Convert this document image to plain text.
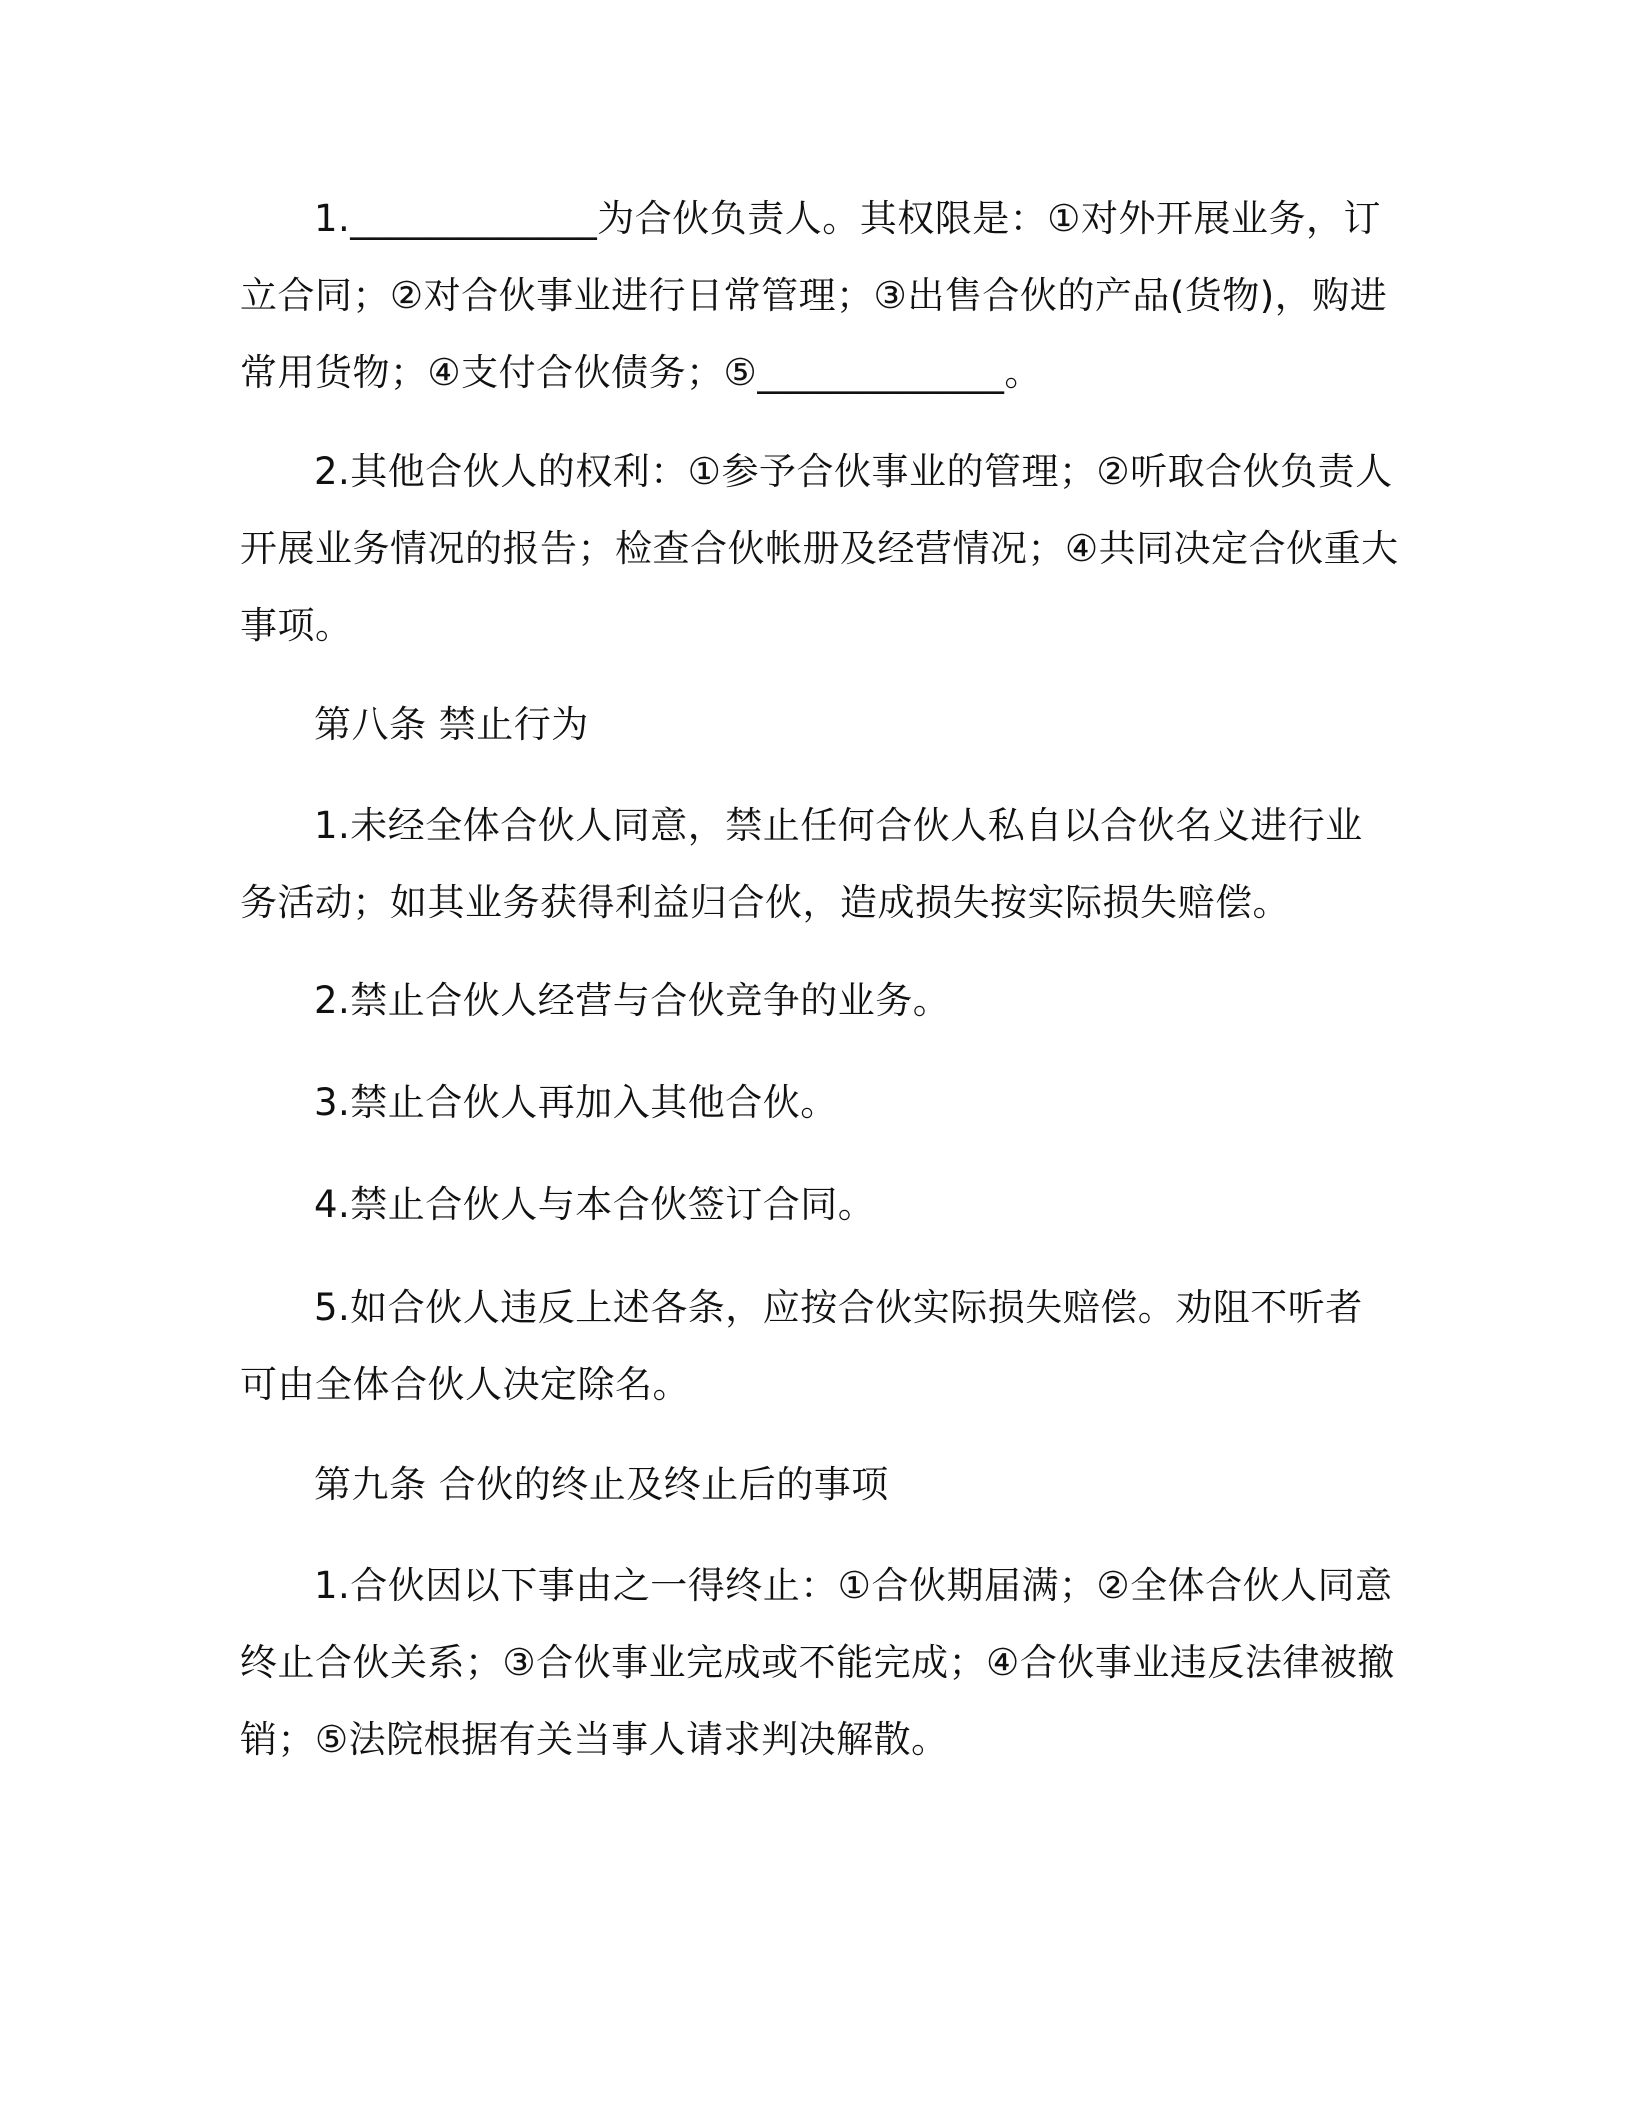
1._____________为合伙负责人。其权限是：①对外开展业务，订立合同；②对合伙事业进行日常管理；③出售合伙的产品(货物)，购进常用货物；④支付合伙债务；⑤_____________。

2.其他合伙人的权利：①参予合伙事业的管理；②听取合伙负责人开展业务情况的报告；检查合伙帐册及经营情况；④共同决定合伙重大事项。

第八条 禁止行为

1.未经全体合伙人同意，禁止任何合伙人私自以合伙名义进行业务活动；如其业务获得利益归合伙，造成损失按实际损失赔偿。

2.禁止合伙人经营与合伙竞争的业务。

3.禁止合伙人再加入其他合伙。

4.禁止合伙人与本合伙签订合同。

5.如合伙人违反上述各条，应按合伙实际损失赔偿。劝阻不听者可由全体合伙人决定除名。

第九条 合伙的终止及终止后的事项

1.合伙因以下事由之一得终止：①合伙期届满；②全体合伙人同意终止合伙关系；③合伙事业完成或不能完成；④合伙事业违反法律被撤销；⑤法院根据有关当事人请求判决解散。
